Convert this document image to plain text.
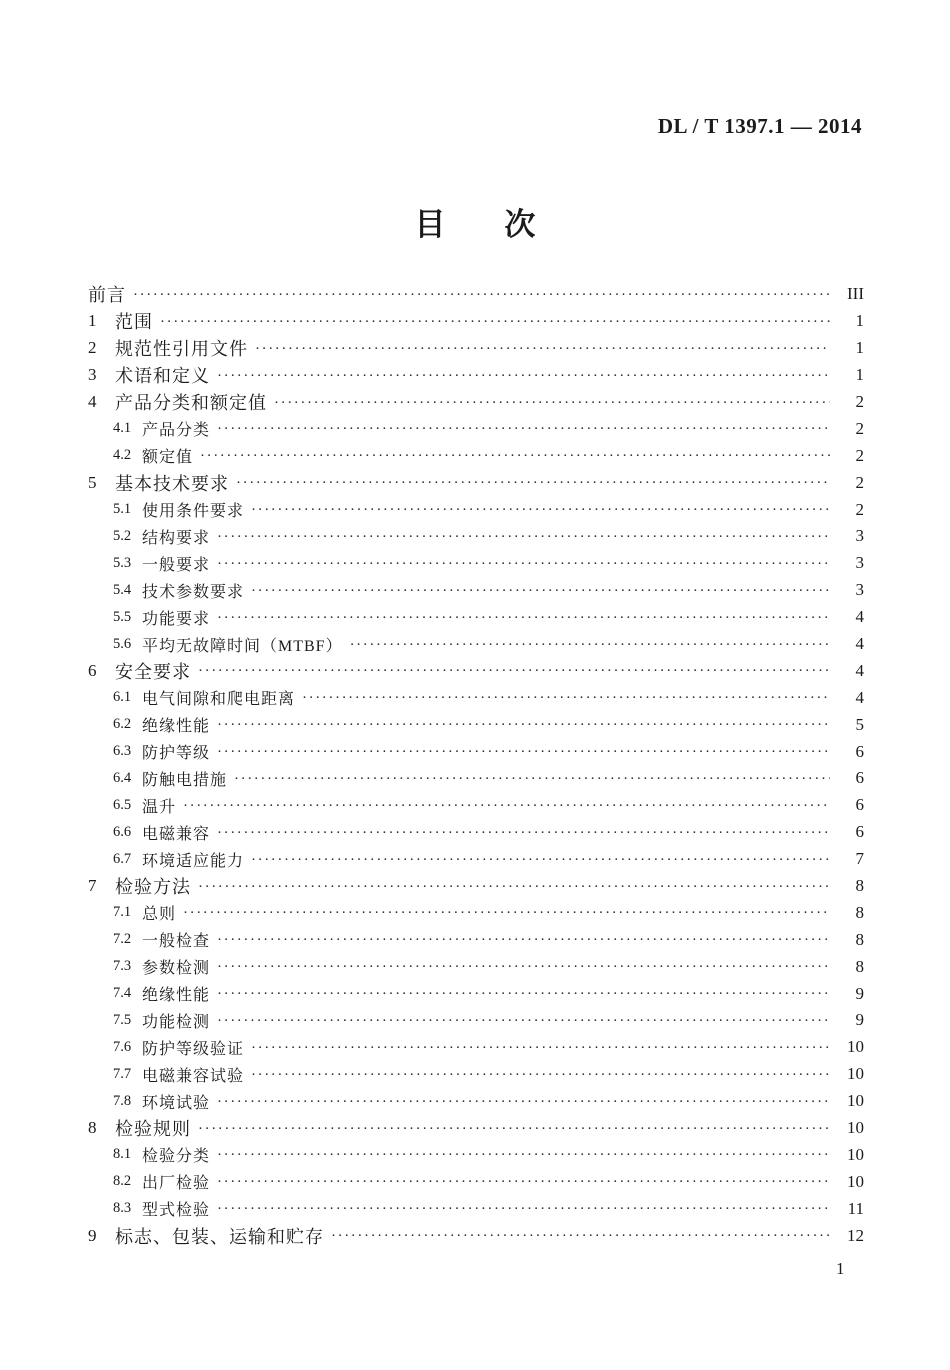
DL / T 1397.1 — 2014
目次
前言 ·····	III
1	范围 ·····	1
2	规范性引用文件 ·····	1
3	术语和定义 ·····	1
4	产品分类和额定值 ·····	2
4.1 产品分类 ·····	2
4.2 额定值 ·····	2
5	基本技术要求 ·····	2
5.1 使用条件要求 ·····	2
5.2 结构要求 ·····	3
5.3 一般要求 ·····	3
5.4 技术参数要求 ·····	3
5.5 功能要求 ·····	4
5.6 平均无故障时间（MTBF） ·····	4
6	安全要求 ·····	4
6.1 电气间隙和爬电距离 ·····	4
6.2 绝缘性能 ·····	5
6.3 防护等级 ·····	6
6.4 防触电措施 ·····	6
6.5 温升 ·····	6
6.6 电磁兼容 ·····	6
6.7 环境适应能力 ·····	7
7	检验方法 ·····	8
7.1 总则 ·····	8
7.2 一般检查 ·····	8
7.3 参数检测 ·····	8
7.4 绝缘性能 ·····	9
7.5 功能检测 ·····	9
7.6 防护等级验证 ·····	10
7.7 电磁兼容试验 ·····	10
7.8 环境试验 ·····	10
8	检验规则 ·····	10
8.1 检验分类 ·····	10
8.2 出厂检验 ·····	10
8.3 型式检验 ·····	11
9	标志、包装、运输和贮存 ·····	12
1
